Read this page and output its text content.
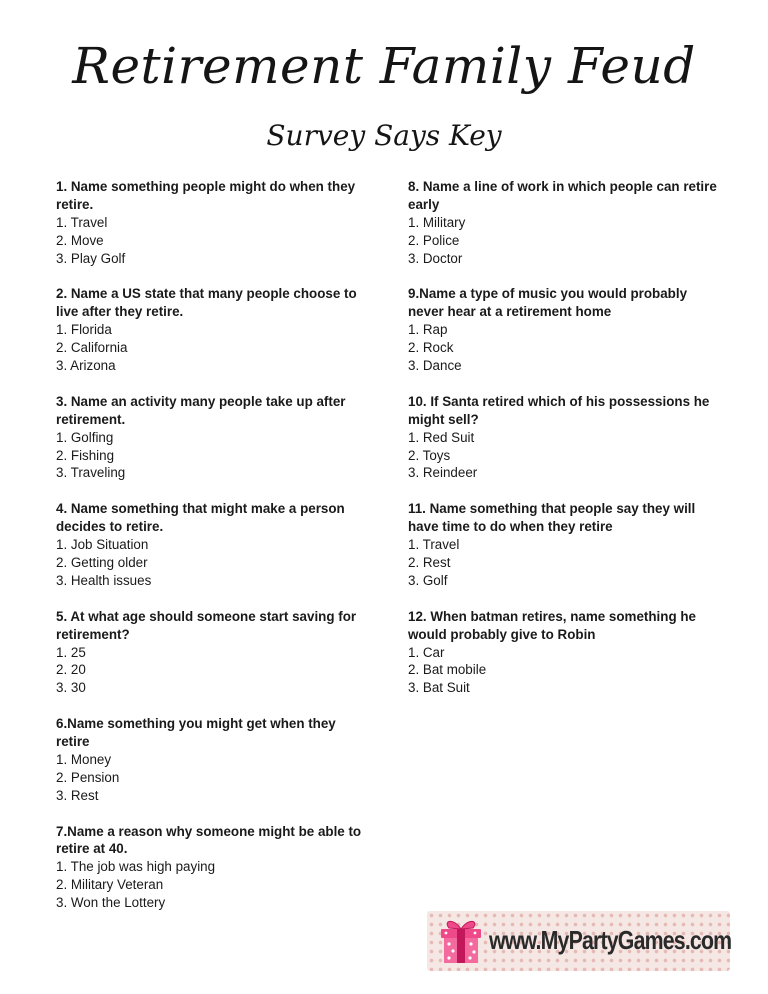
Retirement Family Feud
Survey Says Key
1. Name something people might do when they retire.
1. Travel
2. Move
3. Play Golf
2. Name a US state that many people choose to live after they retire.
1. Florida
2. California
3. Arizona
3. Name an activity many people take up after retirement.
1. Golfing
2. Fishing
3. Traveling
4. Name something that might make a person decides to retire.
1. Job Situation
2. Getting older
3. Health issues
5. At what age should someone start saving for retirement?
1. 25
2. 20
3. 30
6.Name something you might get when they retire
1. Money
2. Pension
3. Rest
7.Name a reason why someone might be able to retire at 40.
1. The job was high paying
2. Military Veteran
3. Won the Lottery
8. Name a line of work in which people can retire early
1. Military
2. Police
3. Doctor
9.Name a type of music you would probably never hear at a retirement home
1. Rap
2. Rock
3. Dance
10. If Santa retired which of his possessions he might sell?
1. Red Suit
2. Toys
3. Reindeer
11. Name something that people say they will have time to do when they retire
1. Travel
2. Rest
3. Golf
12. When batman retires, name something he would probably give to Robin
1. Car
2. Bat mobile
3. Bat Suit
www.MyPartyGames.com
